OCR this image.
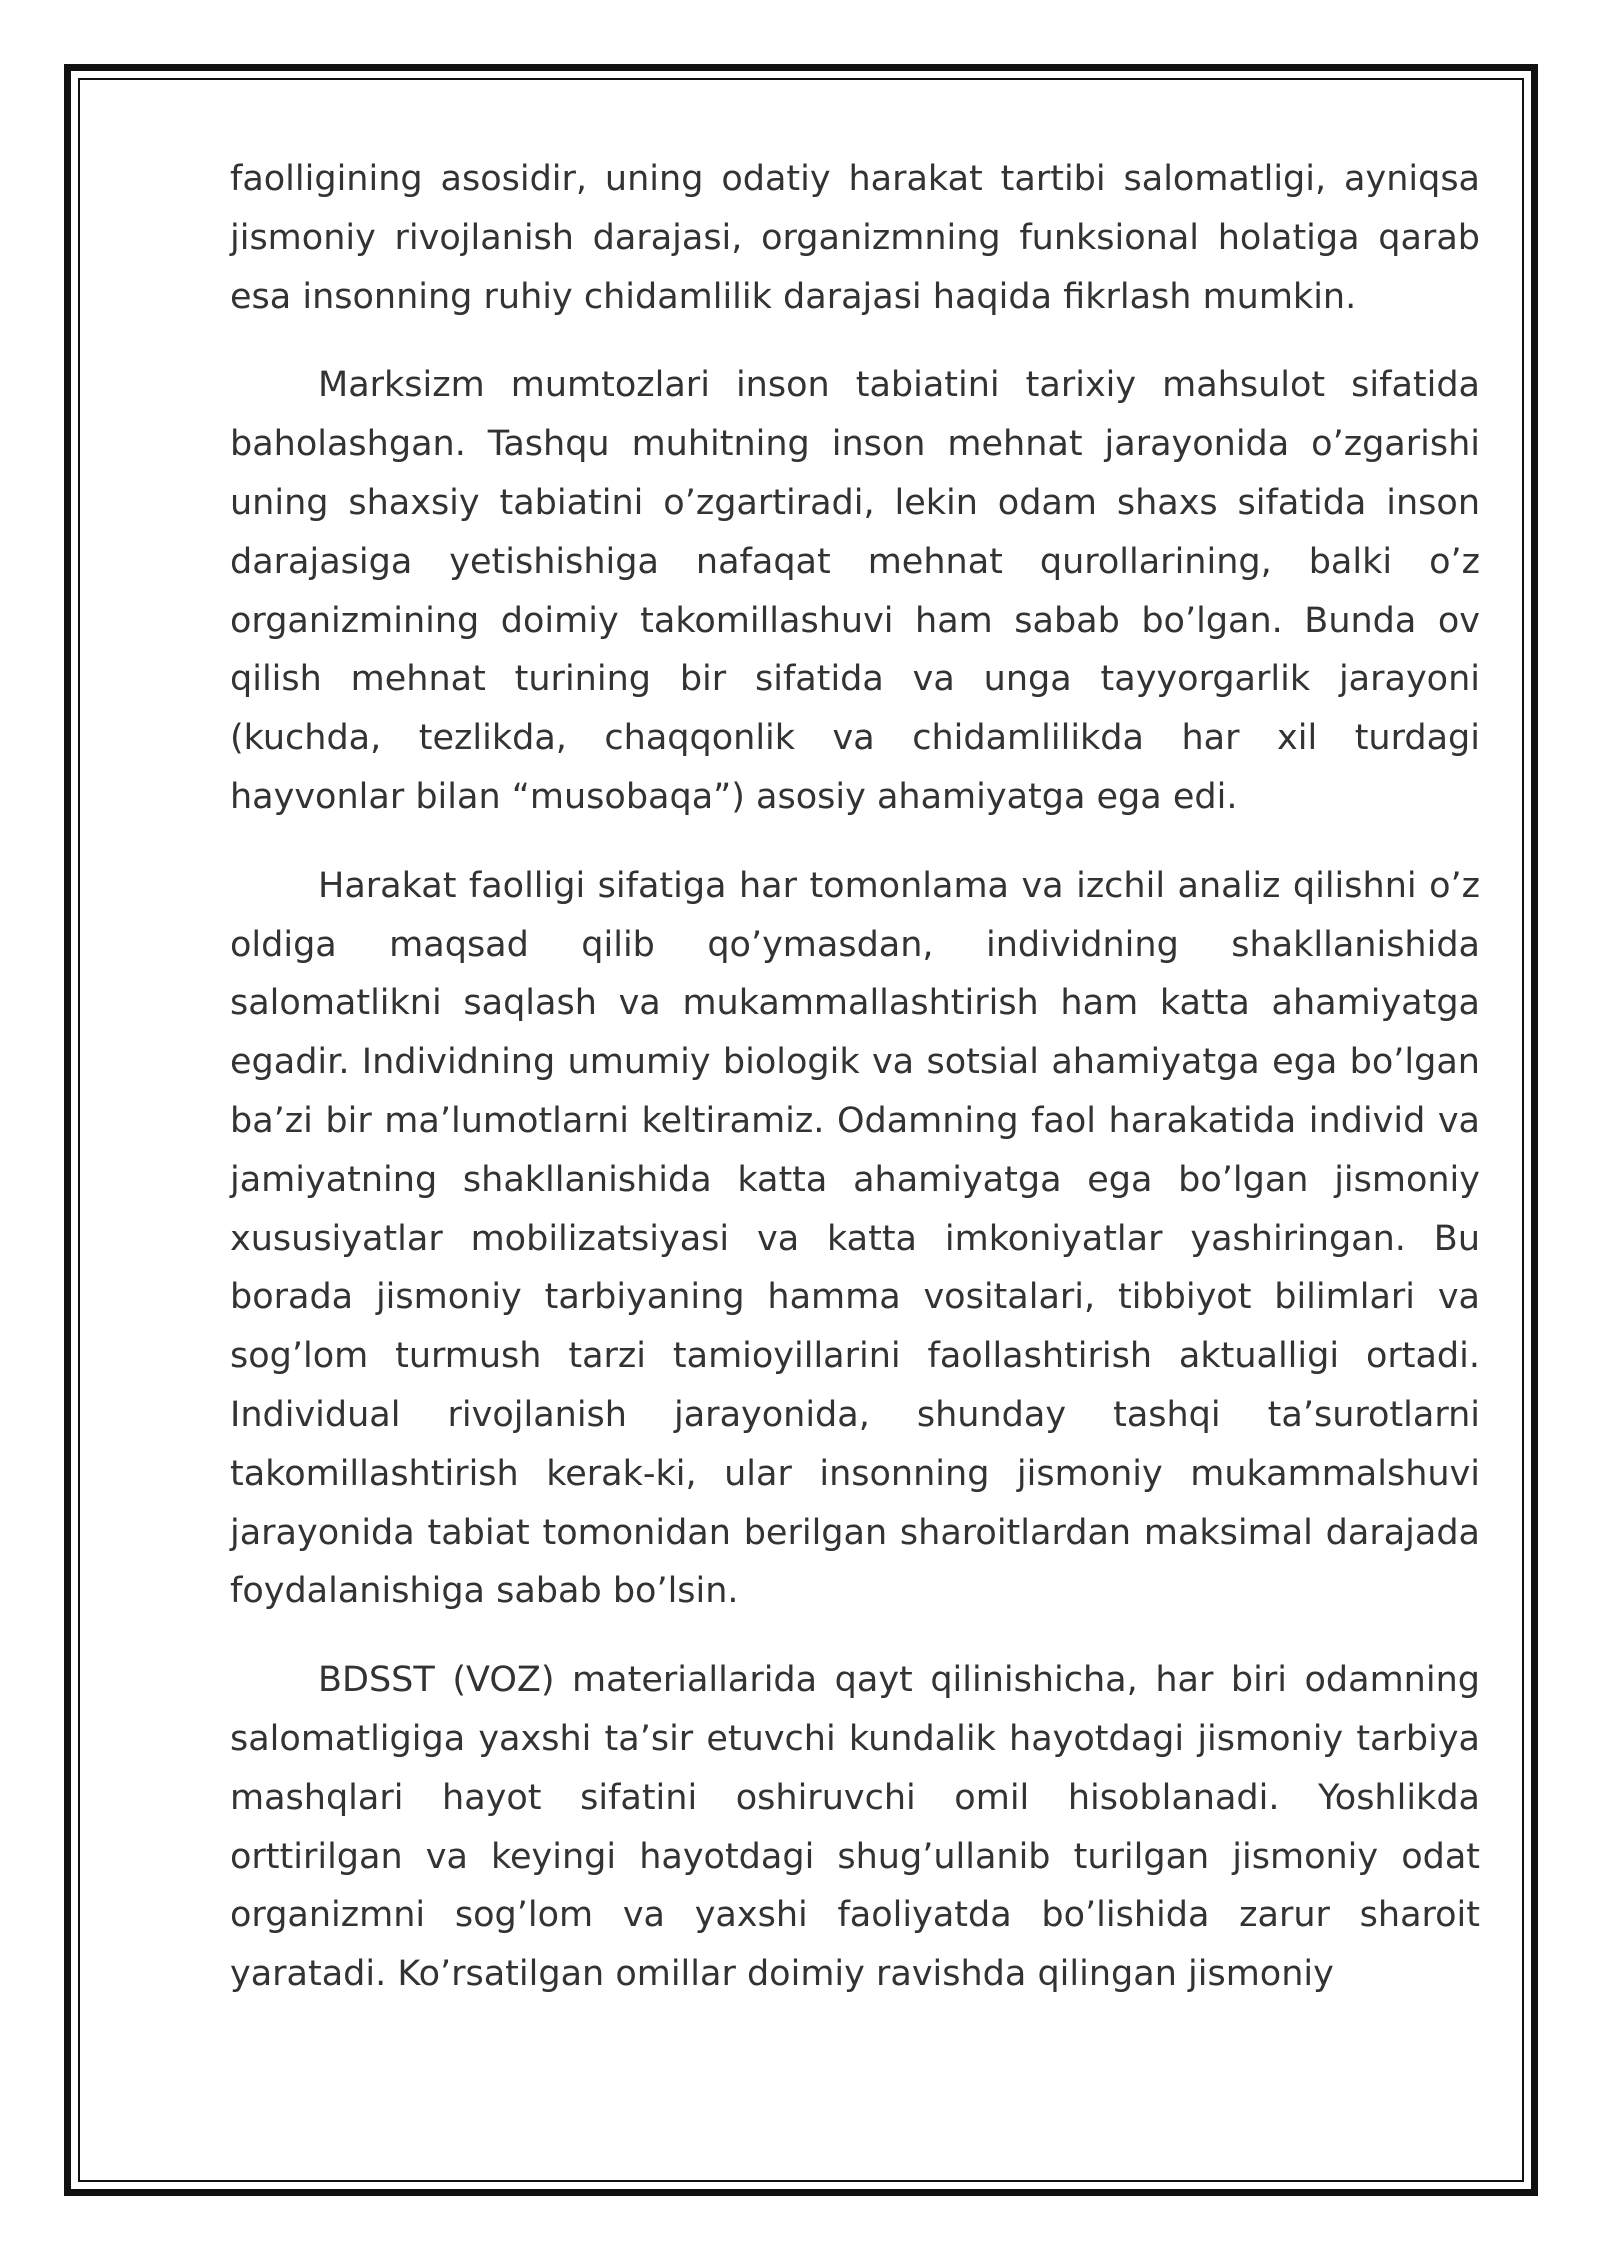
faolligining asosidir, uning odatiy harakat tartibi salomatligi, ayniqsa jismoniy rivojlanish darajasi, organizmning funksional holatiga qarab esa insonning ruhiy chidamlilik darajasi haqida fikrlash mumkin.

Marksizm mumtozlari inson tabiatini tarixiy mahsulot sifatida baholashgan. Tashqu muhitning inson mehnat jarayonida o’zgarishi uning shaxsiy tabiatini o’zgartiradi, lekin odam shaxs sifatida inson darajasiga yetishishiga nafaqat mehnat qurollarining, balki o’z organizmining doimiy takomillashuvi ham sabab bo’lgan. Bunda ov qilish mehnat turining bir sifatida va unga tayyorgarlik jarayoni (kuchda, tezlikda, chaqqonlik va chidamlilikda har xil turdagi hayvonlar bilan “musobaqa”) asosiy ahamiyatga ega edi.

Harakat faolligi sifatiga har tomonlama va izchil analiz qilishni o’z oldiga maqsad qilib qo’ymasdan, individning shakllanishida salomatlikni saqlash va mukammallashtirish ham katta ahamiyatga egadir. Individning umumiy biologik va sotsial ahamiyatga ega bo’lgan ba’zi bir ma’lumotlarni keltiramiz. Odamning faol harakatida individ va jamiyatning shakllanishida katta ahamiyatga ega bo’lgan jismoniy xususiyatlar mobilizatsiyasi va katta imkoniyatlar yashiringan. Bu borada jismoniy tarbiyaning hamma vositalari, tibbiyot bilimlari va sog’lom turmush tarzi tamioyillarini faollashtirish aktualligi ortadi. Individual rivojlanish jarayonida, shunday tashqi ta’surotlarni takomillashtirish kerak-ki, ular insonning jismoniy mukammalshuvi jarayonida tabiat tomonidan berilgan sharoitlardan maksimal darajada foydalanishiga sabab bo’lsin.

BDSST (VOZ) materiallarida qayt qilinishicha, har biri odamning salomatligiga yaxshi ta’sir etuvchi kundalik hayotdagi jismoniy tarbiya mashqlari hayot sifatini oshiruvchi omil hisoblanadi. Yoshlikda orttirilgan va keyingi hayotdagi shug’ullanib turilgan jismoniy odat organizmni sog’lom va yaxshi faoliyatda bo’lishida zarur sharoit yaratadi. Ko’rsatilgan omillar doimiy ravishda qilingan jismoniy
